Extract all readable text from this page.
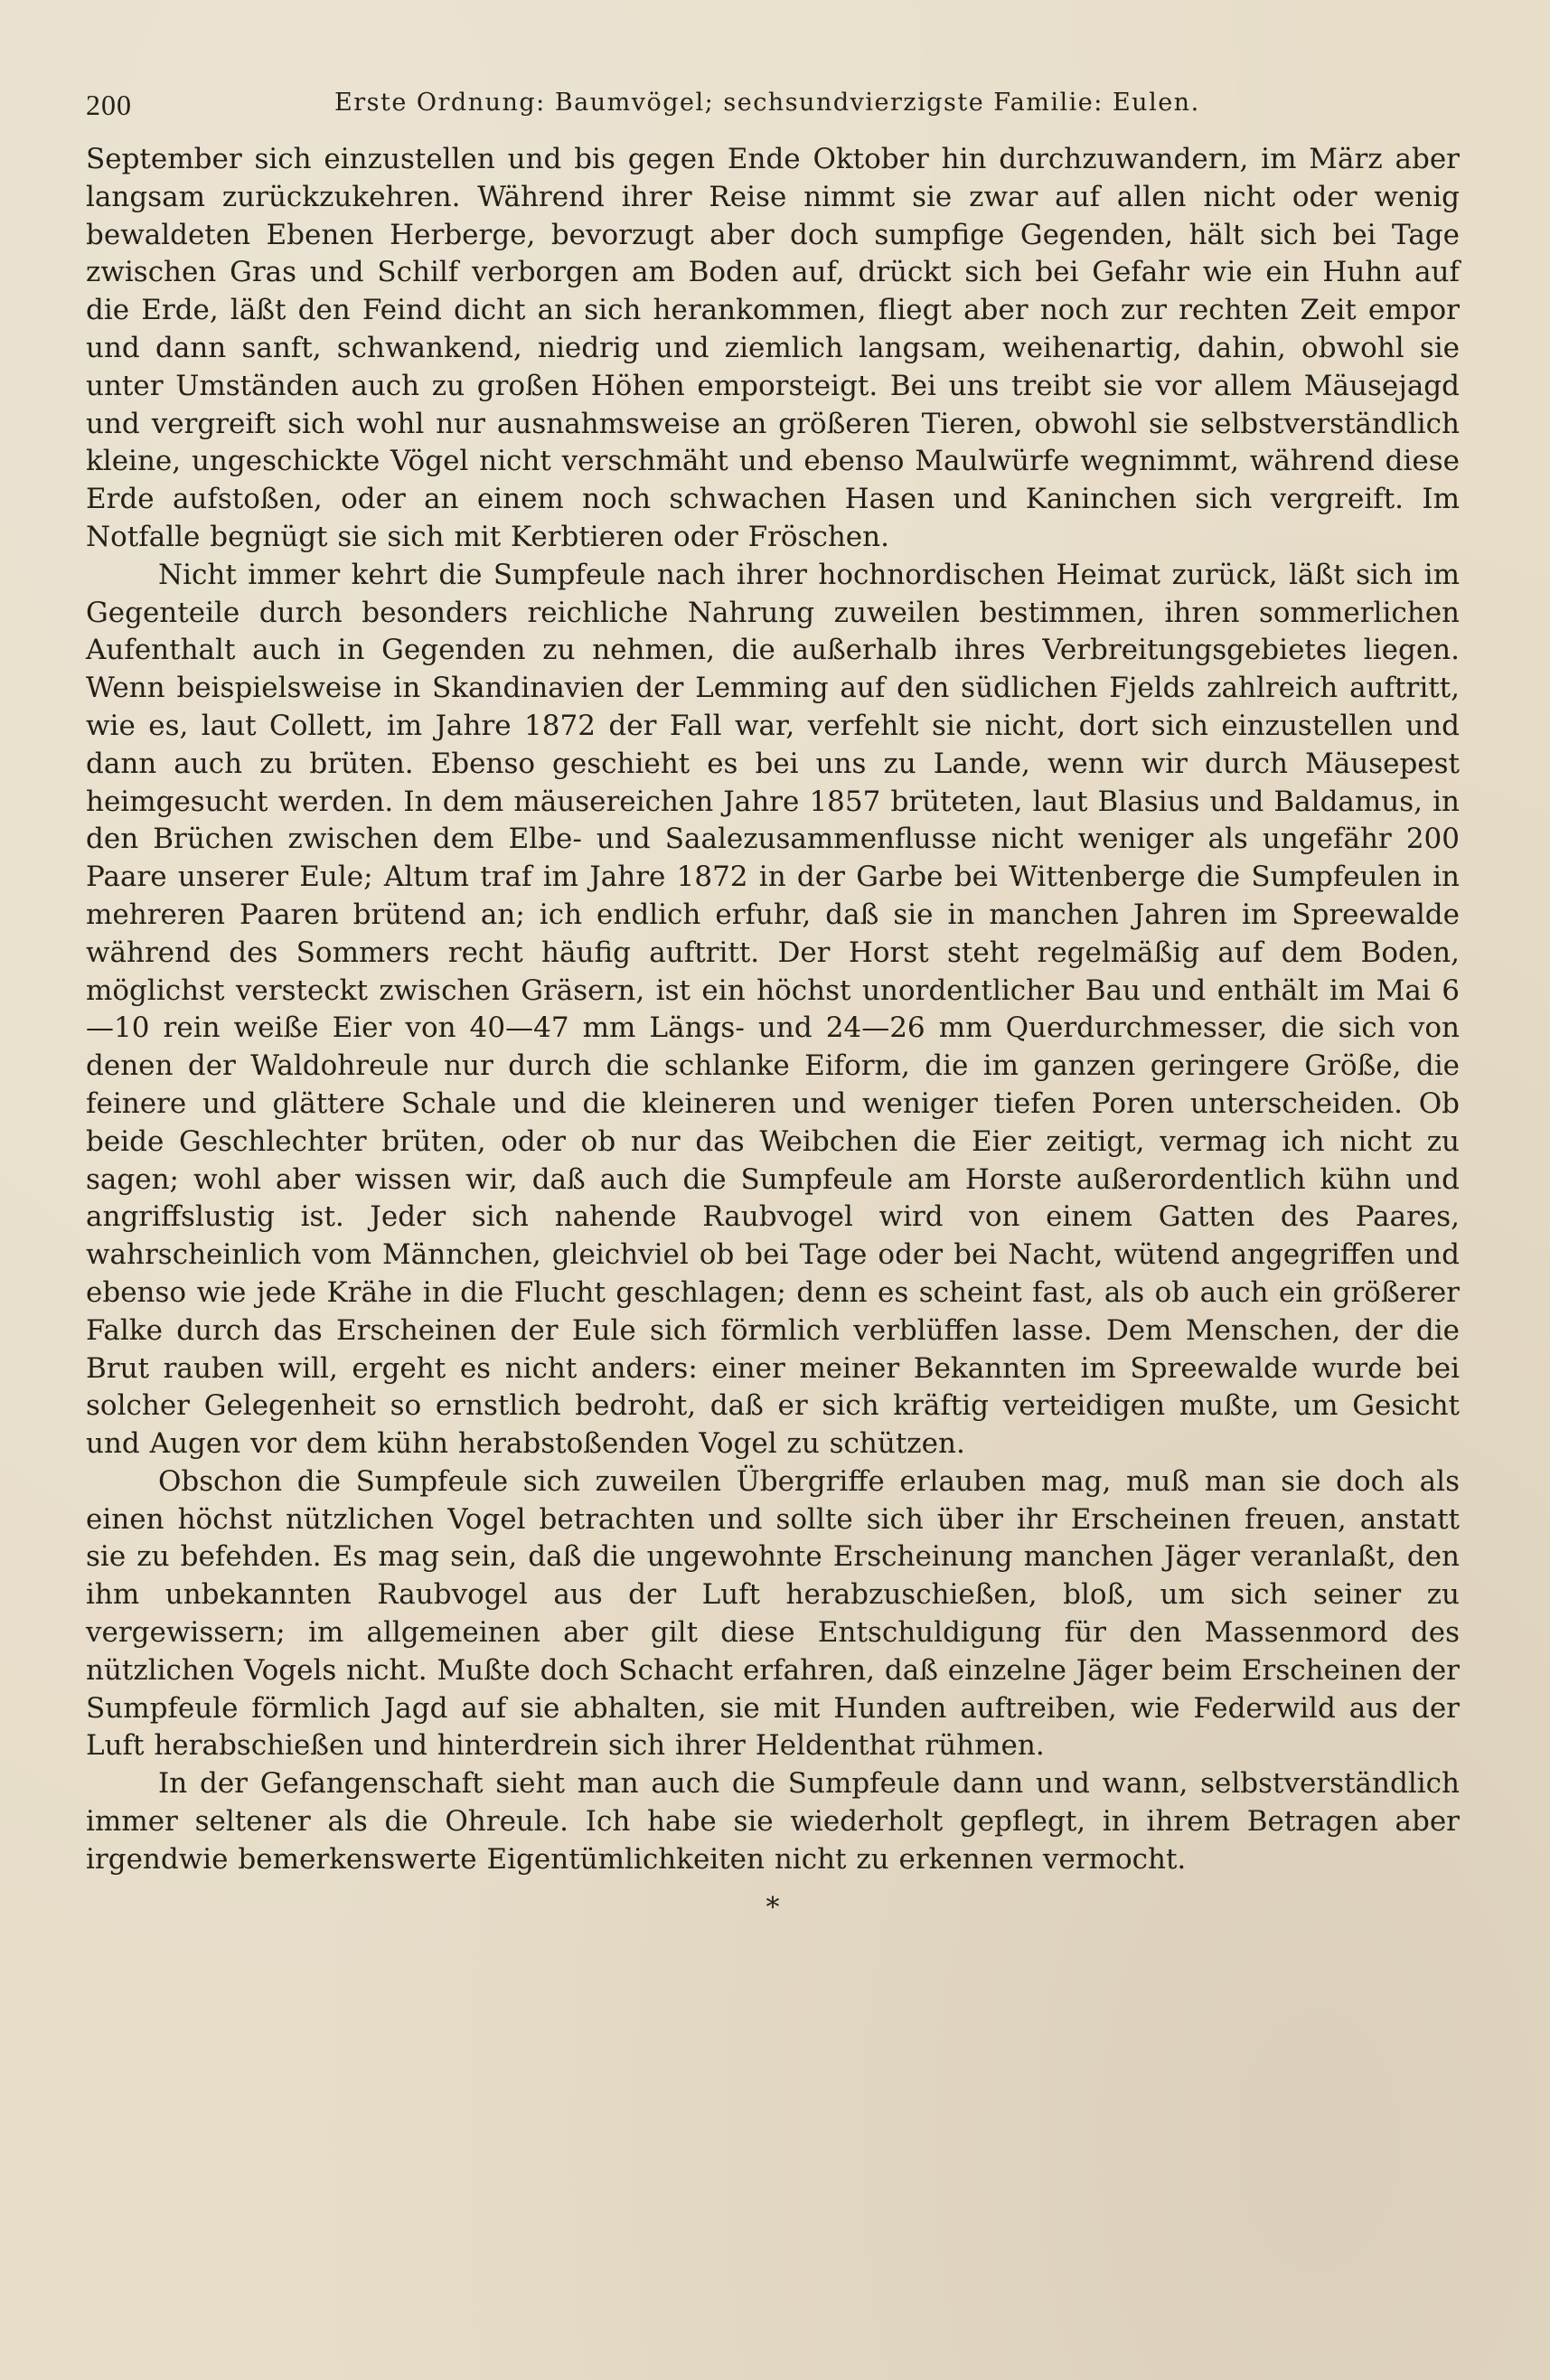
200	Erste Ordnung: Baumvögel; sechsundvierzigste Familie: Eulen.

September sich einzustellen und bis gegen Ende Oktober hin durchzuwandern, im März aber langsam zurückzukehren. Während ihrer Reise nimmt sie zwar auf allen nicht oder wenig bewaldeten Ebenen Herberge, bevorzugt aber doch sumpfige Gegenden, hält sich bei Tage zwischen Gras und Schilf verborgen am Boden auf, drückt sich bei Gefahr wie ein Huhn auf die Erde, läßt den Feind dicht an sich herankommen, fliegt aber noch zur rechten Zeit empor und dann sanft, schwankend, niedrig und ziemlich langsam, weihenartig, dahin, obwohl sie unter Umständen auch zu großen Höhen emporsteigt. Bei uns treibt sie vor allem Mäusejagd und vergreift sich wohl nur ausnahmsweise an größeren Tieren, obwohl sie selbstverständlich kleine, ungeschickte Vögel nicht verschmäht und ebenso Maulwürfe wegnimmt, während diese Erde aufstoßen, oder an einem noch schwachen Hasen und Kaninchen sich vergreift. Im Notfalle begnügt sie sich mit Kerbtieren oder Fröschen.

Nicht immer kehrt die Sumpfeule nach ihrer hochnordischen Heimat zurück, läßt sich im Gegenteile durch besonders reichliche Nahrung zuweilen bestimmen, ihren sommerlichen Aufenthalt auch in Gegenden zu nehmen, die außerhalb ihres Verbreitungsgebietes liegen. Wenn beispielsweise in Skandinavien der Lemming auf den südlichen Fjelds zahlreich auftritt, wie es, laut Collett, im Jahre 1872 der Fall war, verfehlt sie nicht, dort sich einzustellen und dann auch zu brüten. Ebenso geschieht es bei uns zu Lande, wenn wir durch Mäusepest heimgesucht werden. In dem mäusereichen Jahre 1857 brüteten, laut Blasius und Baldamus, in den Brüchen zwischen dem Elbe- und Saalezusammenflusse nicht weniger als ungefähr 200 Paare unserer Eule; Altum traf im Jahre 1872 in der Garbe bei Wittenberge die Sumpfeulen in mehreren Paaren brütend an; ich endlich erfuhr, daß sie in manchen Jahren im Spreewalde während des Sommers recht häufig auftritt. Der Horst steht regelmäßig auf dem Boden, möglichst versteckt zwischen Gräsern, ist ein höchst unordentlicher Bau und enthält im Mai 6—10 rein weiße Eier von 40—47 mm Längs- und 24—26 mm Querdurchmesser, die sich von denen der Waldohreule nur durch die schlanke Eiform, die im ganzen geringere Größe, die feinere und glättere Schale und die kleineren und weniger tiefen Poren unterscheiden. Ob beide Geschlechter brüten, oder ob nur das Weibchen die Eier zeitigt, vermag ich nicht zu sagen; wohl aber wissen wir, daß auch die Sumpfeule am Horste außerordentlich kühn und angriffslustig ist. Jeder sich nahende Raubvogel wird von einem Gatten des Paares, wahrscheinlich vom Männchen, gleichviel ob bei Tage oder bei Nacht, wütend angegriffen und ebenso wie jede Krähe in die Flucht geschlagen; denn es scheint fast, als ob auch ein größerer Falke durch das Erscheinen der Eule sich förmlich verblüffen lasse. Dem Menschen, der die Brut rauben will, ergeht es nicht anders: einer meiner Bekannten im Spreewalde wurde bei solcher Gelegenheit so ernstlich bedroht, daß er sich kräftig verteidigen mußte, um Gesicht und Augen vor dem kühn herabstoßenden Vogel zu schützen.

Obschon die Sumpfeule sich zuweilen Übergriffe erlauben mag, muß man sie doch als einen höchst nützlichen Vogel betrachten und sollte sich über ihr Erscheinen freuen, anstatt sie zu befehden. Es mag sein, daß die ungewohnte Erscheinung manchen Jäger veranlaßt, den ihm unbekannten Raubvogel aus der Luft herabzuschießen, bloß, um sich seiner zu vergewissern; im allgemeinen aber gilt diese Entschuldigung für den Massenmord des nützlichen Vogels nicht. Mußte doch Schacht erfahren, daß einzelne Jäger beim Erscheinen der Sumpfeule förmlich Jagd auf sie abhalten, sie mit Hunden auftreiben, wie Federwild aus der Luft herabschießen und hinterdrein sich ihrer Heldenthat rühmen.

In der Gefangenschaft sieht man auch die Sumpfeule dann und wann, selbstverständlich immer seltener als die Ohreule. Ich habe sie wiederholt gepflegt, in ihrem Betragen aber irgendwie bemerkenswerte Eigentümlichkeiten nicht zu erkennen vermocht.

*
